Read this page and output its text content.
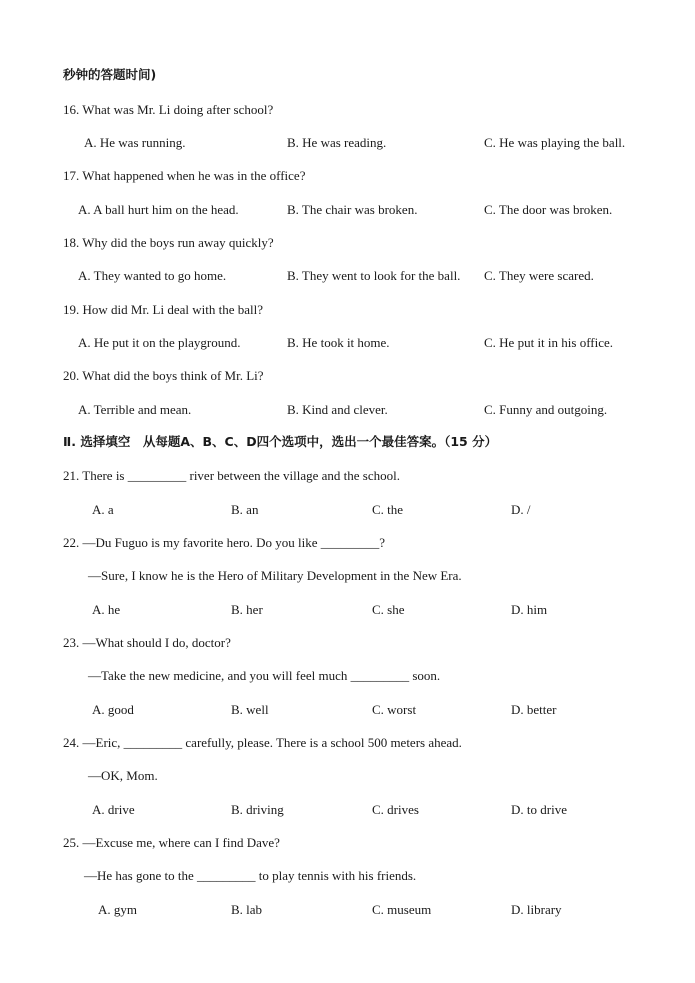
秒钟的答题时间)
16. What was Mr. Li doing after school?
A. He was running.	B. He was reading.	C. He was playing the ball.
17. What happened when he was in the office?
A. A ball hurt him on the head.	B. The chair was broken.	C. The door was broken.
18. Why did the boys run away quickly?
A. They wanted to go home.	B. They went to look for the ball. C. They were scared.
19. How did Mr. Li deal with the ball?
A. He put it on the playground.	B. He took it home.	C. He put it in his office.
20. What did the boys think of Mr. Li?
A. Terrible and mean.	B. Kind and clever.	C. Funny and outgoing.
Ⅱ. 选择填空　从每题A、B、C、D四个选项中，选出一个最佳答案。（15 分）
21. There is _________ river between the village and the school.
A. a	B. an	C. the	D. /
22. —Du Fuguo is my favorite hero. Do you like _________?
—Sure, I know he is the Hero of Military Development in the New Era.
A. he	B. her	C. she	D. him
23. —What should I do, doctor?
—Take the new medicine, and you will feel much _________ soon.
A. good	B. well	C. worst	D. better
24. —Eric, _________ carefully, please. There is a school 500 meters ahead.
—OK, Mom.
A. drive	B. driving	C. drives	D. to drive
25. —Excuse me, where can I find Dave?
—He has gone to the _________ to play tennis with his friends.
A. gym	B. lab	C. museum	D. library
